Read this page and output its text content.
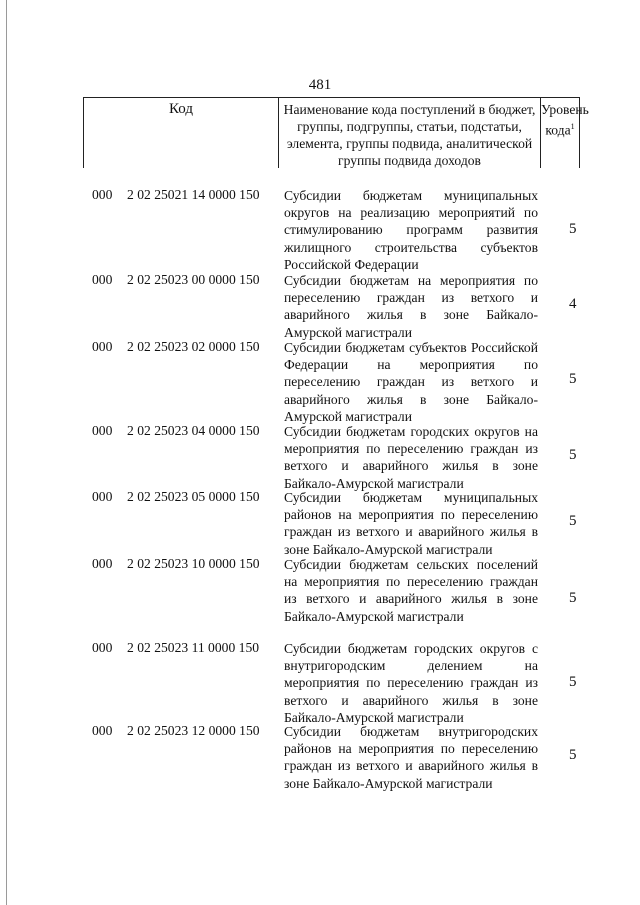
481
Код	Наименование кода поступлений в бюджет, группы, подгруппы, статьи, подстатьи, элемента, группы подвида, аналитической группы подвида доходов
Уровень кода$^1$
000 2 02 25021 14 0000 150 Субсидии бюджетам муниципальных округов на реализацию мероприятий по стимулированию программ развития жилищного строительства субъектов Российской Федерации
5
000 2 02 25023 00 0000 150 Субсидии бюджетам на мероприятия по переселению граждан из ветхого и аварийного жилья в зоне Байкало-Амурской магистрали
4
000 2 02 25023 02 0000 150 Субсидии бюджетам субъектов Российской Федерации на мероприятия по переселению граждан из ветхого и аварийного жилья в зоне Байкало-Амурской магистрали
5
000 2 02 25023 04 0000 150 Субсидии бюджетам городских округов на мероприятия по переселению граждан из ветхого и аварийного жилья в зоне Байкало-Амурской магистрали
5
000 2 02 25023 05 0000 150 Субсидии бюджетам муниципальных районов на мероприятия по переселению граждан из ветхого и аварийного жилья в зоне Байкало-Амурской магистрали
5
000 2 02 25023 10 0000 150 Субсидии бюджетам сельских поселений на мероприятия по переселению граждан из ветхого и аварийного жилья в зоне Байкало-Амурской магистрали
5
000 2 02 25023 11 0000 150 Субсидии бюджетам городских округов с внутригородским делением на мероприятия по переселению граждан из ветхого и аварийного жилья в зоне Байкало-Амурской магистрали
5
000 2 02 25023 12 0000 150 Субсидии бюджетам внутригородских районов на мероприятия по переселению граждан из ветхого и аварийного жилья в зоне Байкало-Амурской магистрали
5
